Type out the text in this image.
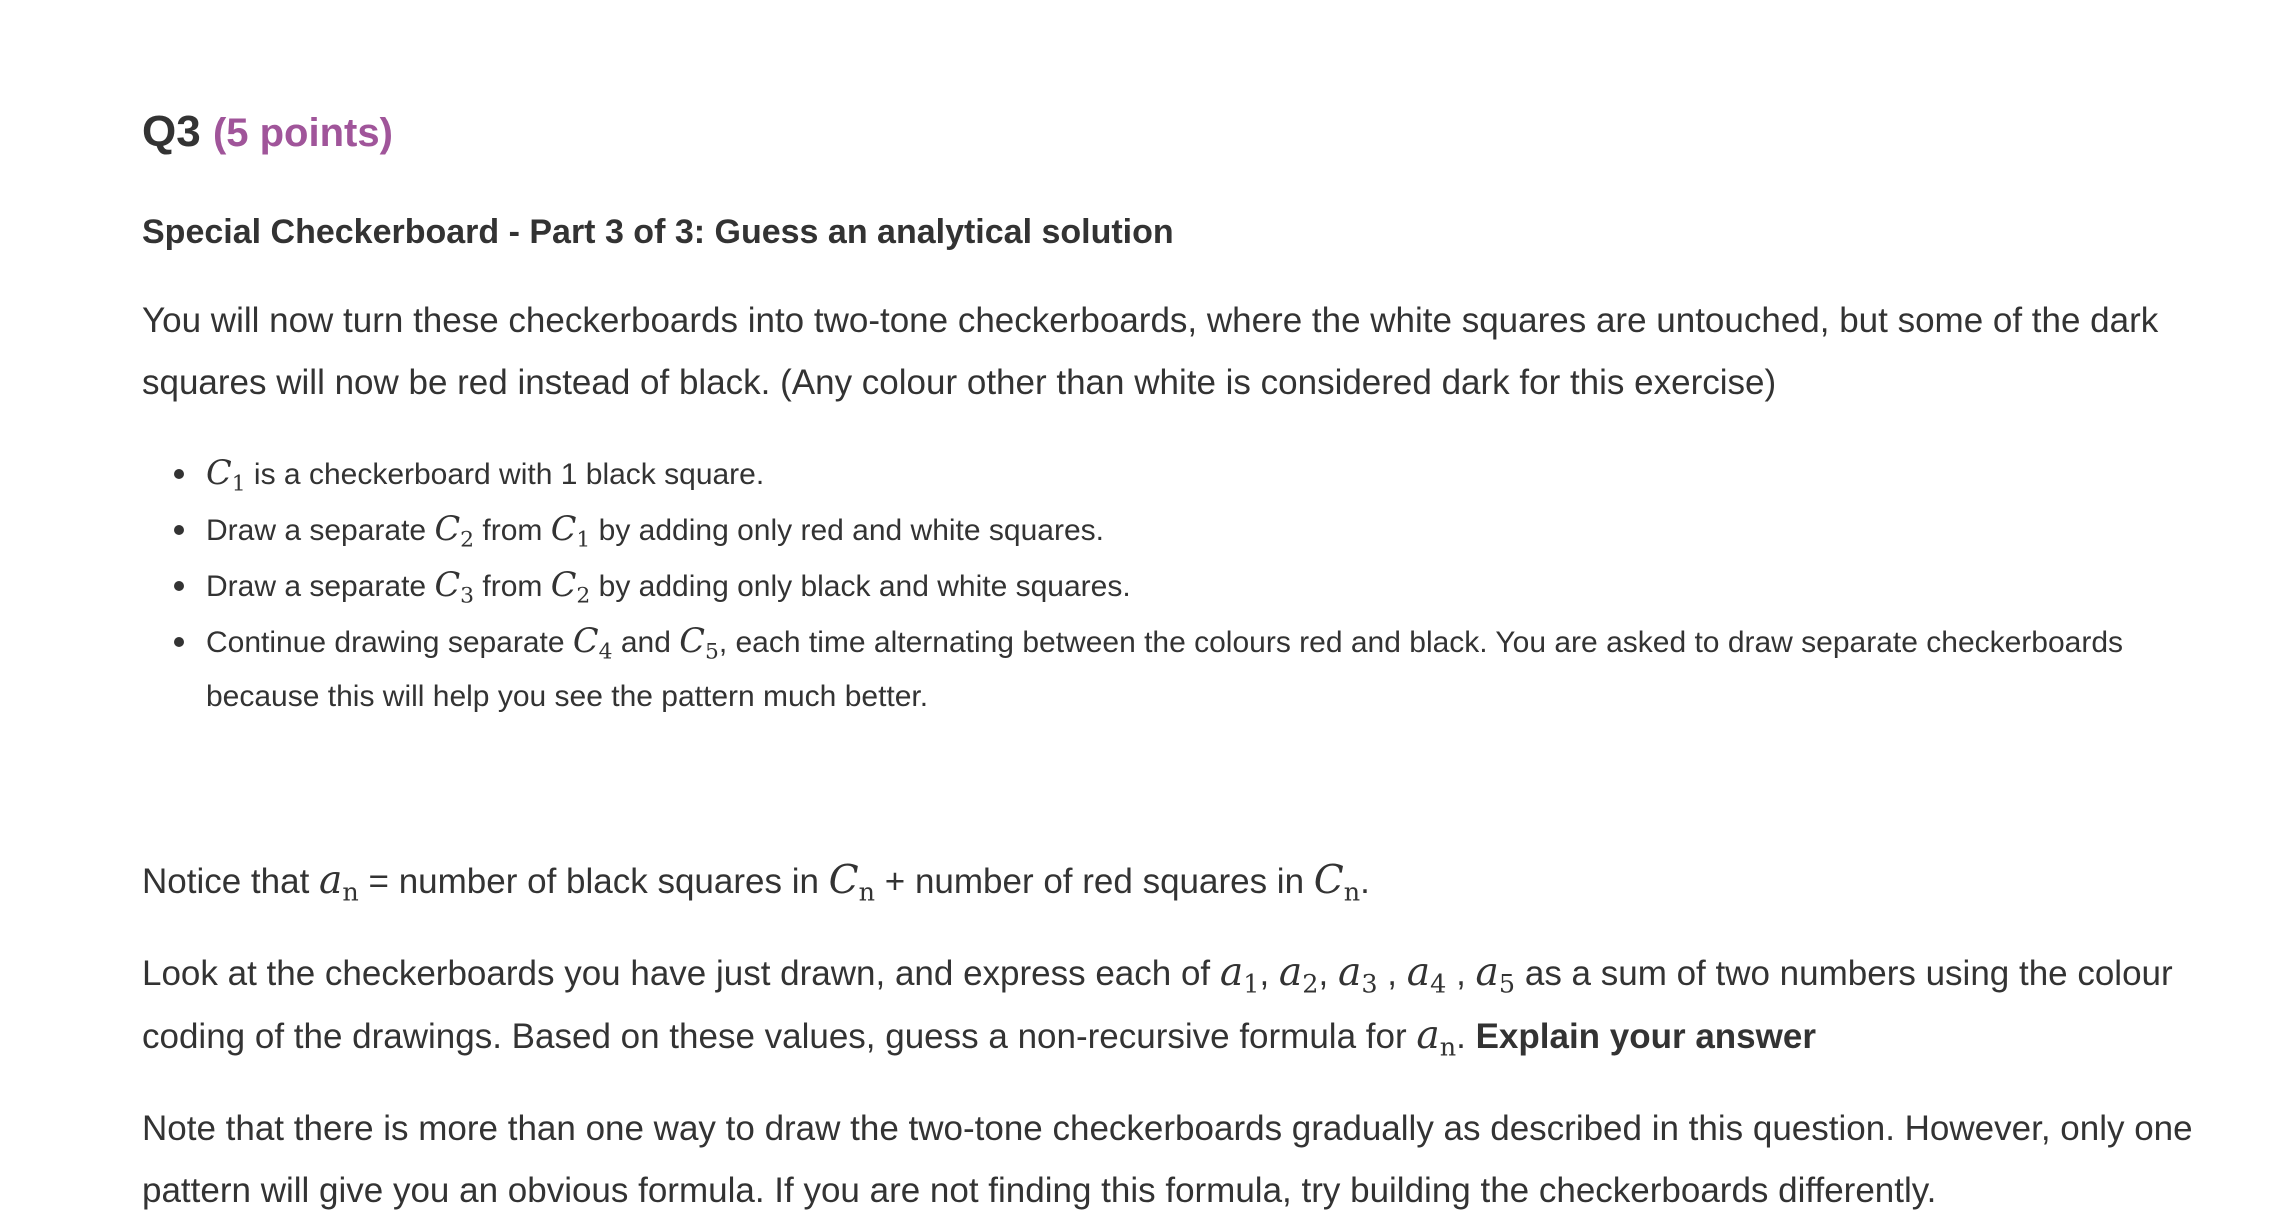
Q3 (5 points)
Special Checkerboard - Part 3 of 3: Guess an analytical solution

You will now turn these checkerboards into two-tone checkerboards, where the white squares are untouched, but some of the dark squares will now be red instead of black. (Any colour other than white is considered dark for this exercise)

$C_1$ is a checkerboard with 1 black square.
Draw a separate $C_2$ from $C_1$ by adding only red and white squares.
Draw a separate $C_3$ from $C_2$ by adding only black and white squares.
Continue drawing separate $C_4$ and $C_5$, each time alternating between the colours red and black. You are asked to draw separate checkerboards because this will help you see the pattern much better.

Notice that $a_n$ = number of black squares in $C_n$ + number of red squares in $C_n$.

Look at the checkerboards you have just drawn, and express each of $a_1$, $a_2$, $a_3$ , $a_4$ , $a_5$ as a sum of two numbers using the colour coding of the drawings. Based on these values, guess a non-recursive formula for $a_n$. Explain your answer

Note that there is more than one way to draw the two-tone checkerboards gradually as described in this question. However, only one pattern will give you an obvious formula. If you are not finding this formula, try building the checkerboards differently.
